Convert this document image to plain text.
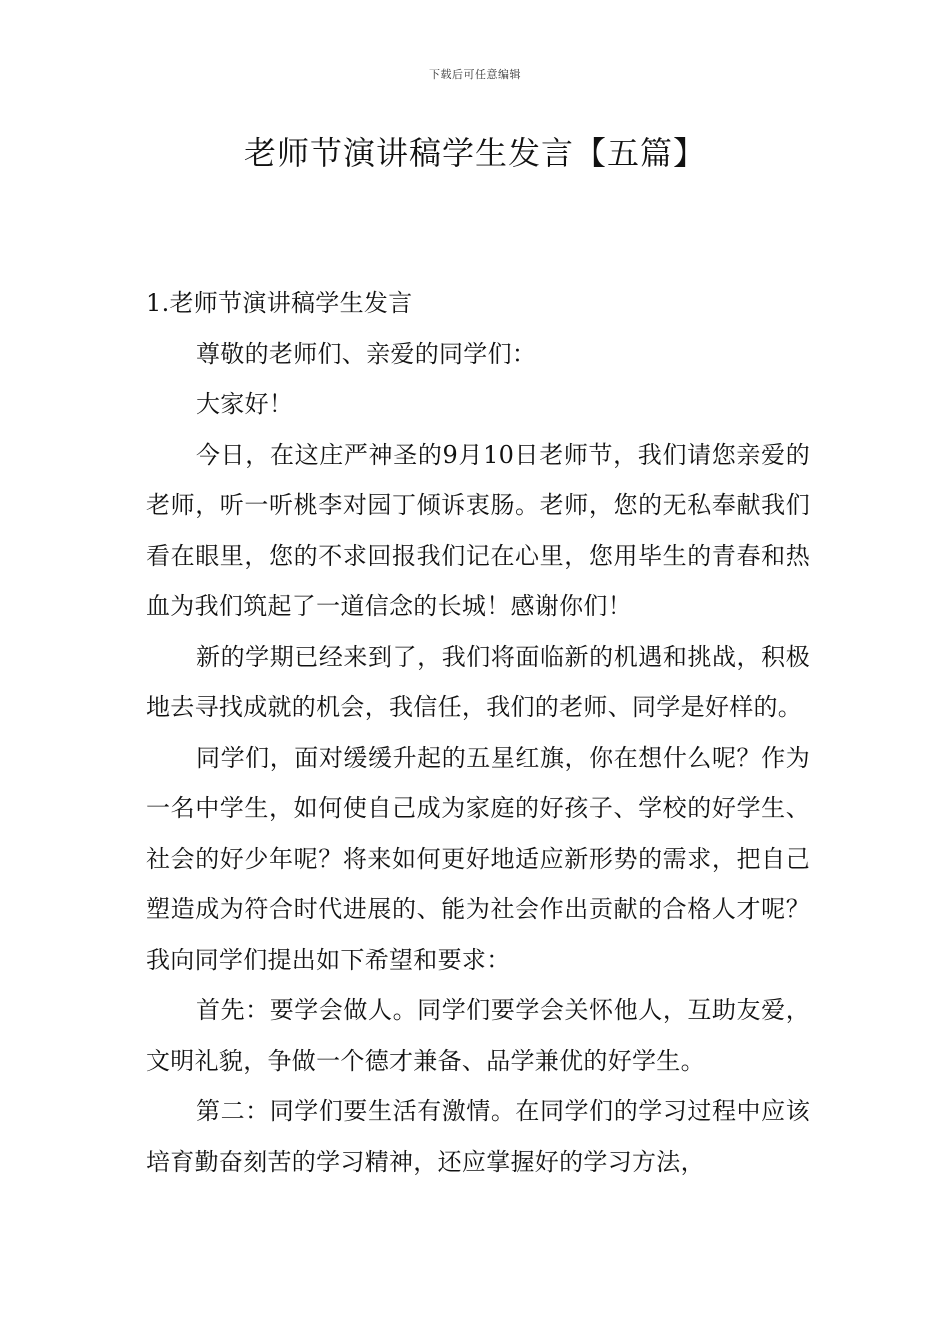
下载后可任意编辑
老师节演讲稿学生发言【五篇】

1.老师节演讲稿学生发言

尊敬的老师们、亲爱的同学们：

大家好！

今日，在这庄严神圣的9月10日老师节，我们请您亲爱的老师，听一听桃李对园丁倾诉衷肠。老师，您的无私奉献我们看在眼里，您的不求回报我们记在心里，您用毕生的青春和热血为我们筑起了一道信念的长城！感谢你们！

新的学期已经来到了，我们将面临新的机遇和挑战，积极地去寻找成就的机会，我信任，我们的老师、同学是好样的。

同学们，面对缓缓升起的五星红旗，你在想什么呢？作为一名中学生，如何使自己成为家庭的好孩子、学校的好学生、社会的好少年呢？将来如何更好地适应新形势的需求，把自己塑造成为符合时代进展的、能为社会作出贡献的合格人才呢？我向同学们提出如下希望和要求：

首先：要学会做人。同学们要学会关怀他人，互助友爱，文明礼貌，争做一个德才兼备、品学兼优的好学生。

第二：同学们要生活有激情。在同学们的学习过程中应该培育勤奋刻苦的学习精神，还应掌握好的学习方法，
